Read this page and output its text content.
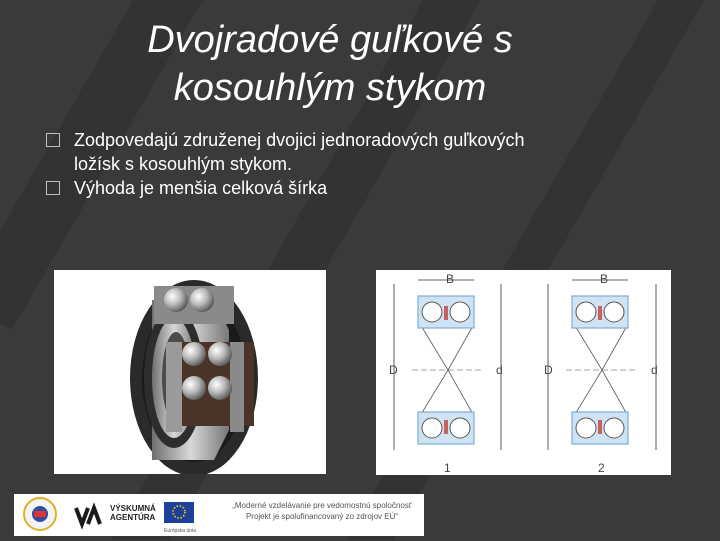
Dvojradové guľkové s
kosouhlým stykom
Zodpovedajú združenej dvojici jednoradových guľkových
ložísk s kosouhlým stykom.
Výhoda je menšia celková šírka
B	B
D	d	D	d
1	2
Európska únia
VÝSKUMNÁ
AGENTÚRA
„Moderné vzdelávanie pre vedomostnú spoločnosť
Projekt je spolufinancovaný zo zdrojov EÚ“
